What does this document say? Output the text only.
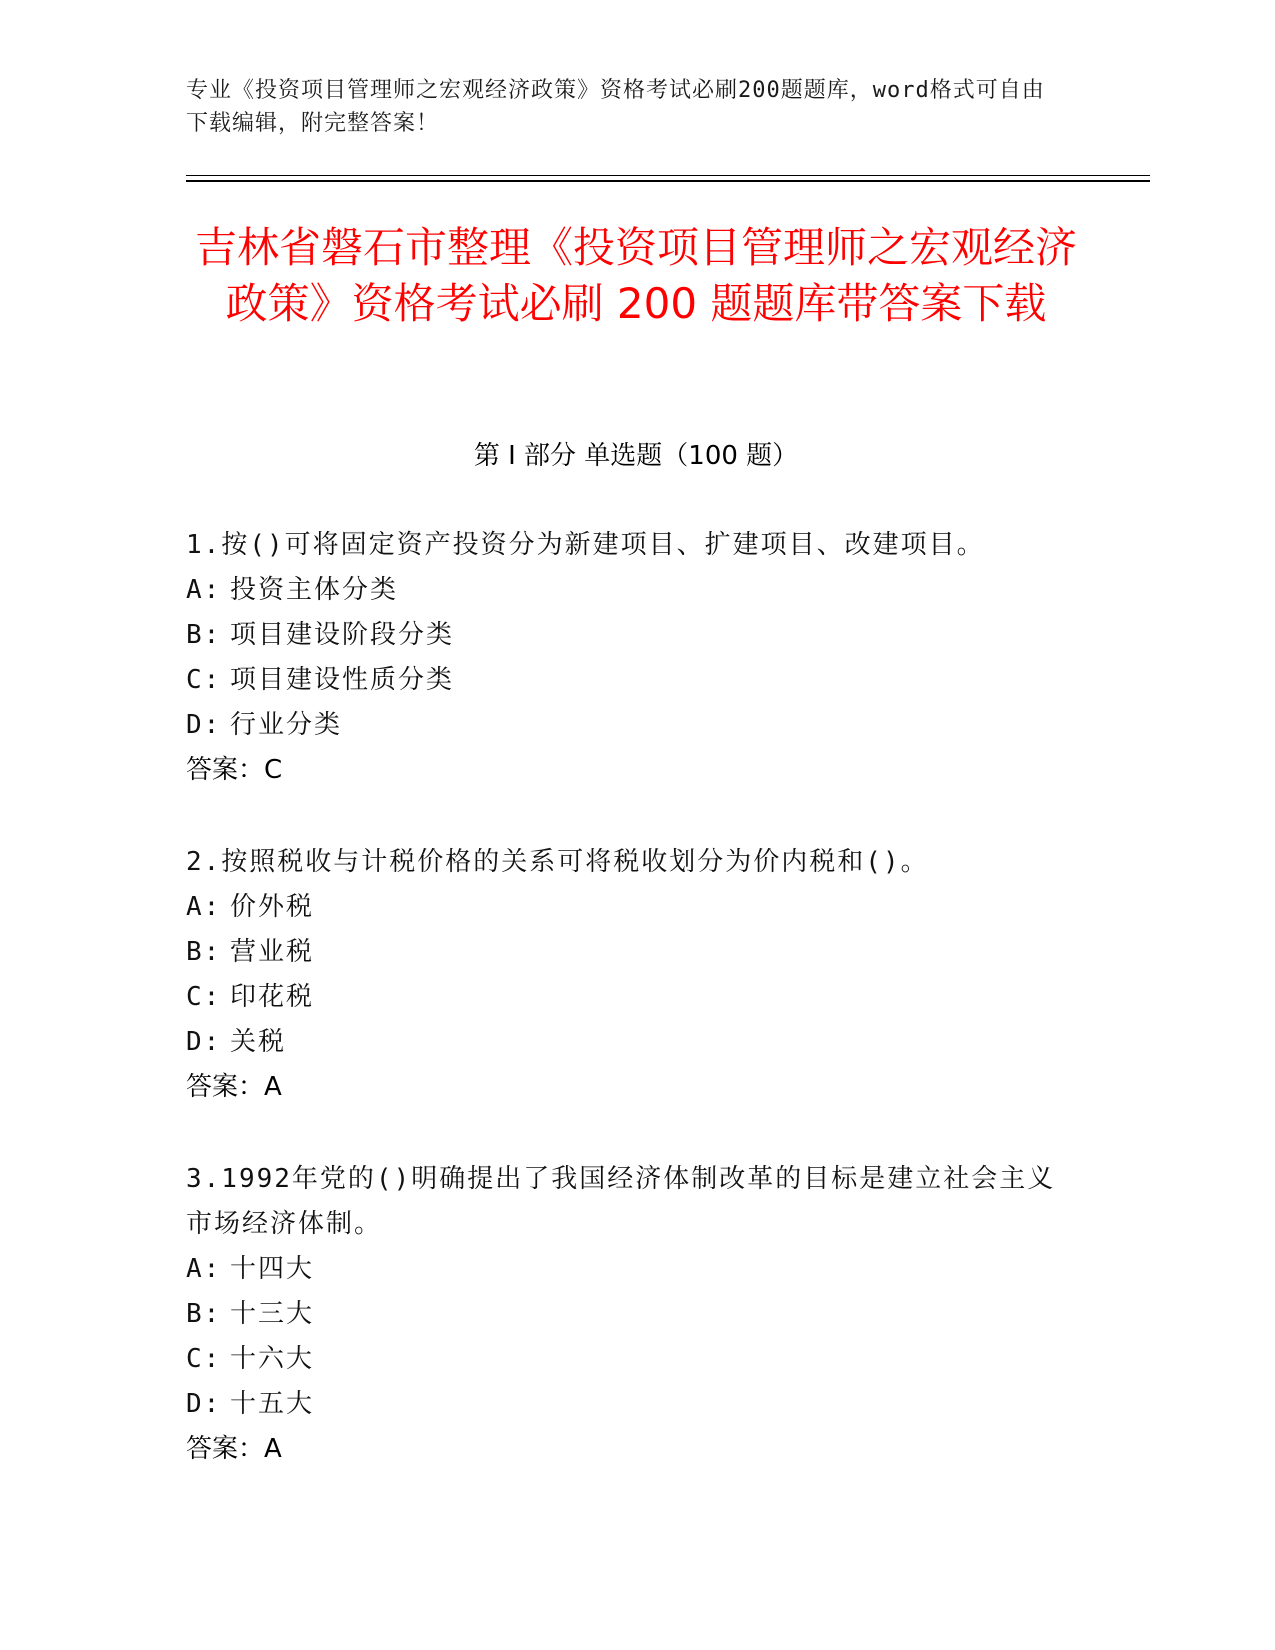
专业《投资项目管理师之宏观经济政策》资格考试必刷200题题库，word格式可自由下载编辑，附完整答案！
吉林省磐石市整理《投资项目管理师之宏观经济政策》资格考试必刷 200 题题库带答案下载
第 I 部分 单选题（100 题）
1.按()可将固定资产投资分为新建项目、扩建项目、改建项目。
A: 投资主体分类
B: 项目建设阶段分类
C: 项目建设性质分类
D: 行业分类
答案：C
2.按照税收与计税价格的关系可将税收划分为价内税和()。
A: 价外税
B: 营业税
C: 印花税
D: 关税
答案：A
3.1992年党的()明确提出了我国经济体制改革的目标是建立社会主义市场经济体制。
A: 十四大
B: 十三大
C: 十六大
D: 十五大
答案：A
